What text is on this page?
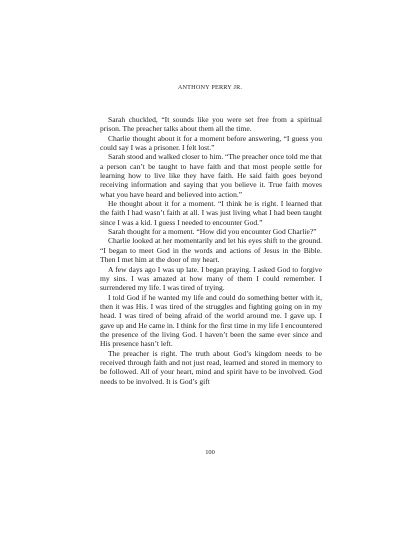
ANTHONY PERRY JR.

Sarah chuckled, “It sounds like you were set free from a spiritual prison. The preacher talks about them all the time.

Charlie thought about it for a moment before answering, “I guess you could say I was a prisoner. I felt lost.”

Sarah stood and walked closer to him. “The preacher once told me that a person can’t be taught to have faith and that most people settle for learning how to live like they have faith. He said faith goes beyond receiving information and saying that you believe it. True faith moves what you have heard and believed into action.”

He thought about it for a moment. “I think he is right. I learned that the faith I had wasn’t faith at all. I was just living what I had been taught since I was a kid. I guess I needed to encounter God.”

Sarah thought for a moment. “How did you encounter God Charlie?”

Charlie looked at her momentarily and let his eyes shift to the ground. “I began to meet God in the words and actions of Jesus in the Bible. Then I met him at the door of my heart.

A few days ago I was up late. I began praying. I asked God to forgive my sins. I was amazed at how many of them I could remember. I surrendered my life. I was tired of trying.

I told God if he wanted my life and could do something better with it, then it was His. I was tired of the struggles and fighting going on in my head. I was tired of being afraid of the world around me. I gave up. I gave up and He came in. I think for the first time in my life I encountered the presence of the living God. I haven’t been the same ever since and His presence hasn’t left.

The preacher is right. The truth about God’s kingdom needs to be received through faith and not just read, learned and stored in memory to be followed. All of your heart, mind and spirit have to be involved. God needs to be involved. It is God’s gift

100
